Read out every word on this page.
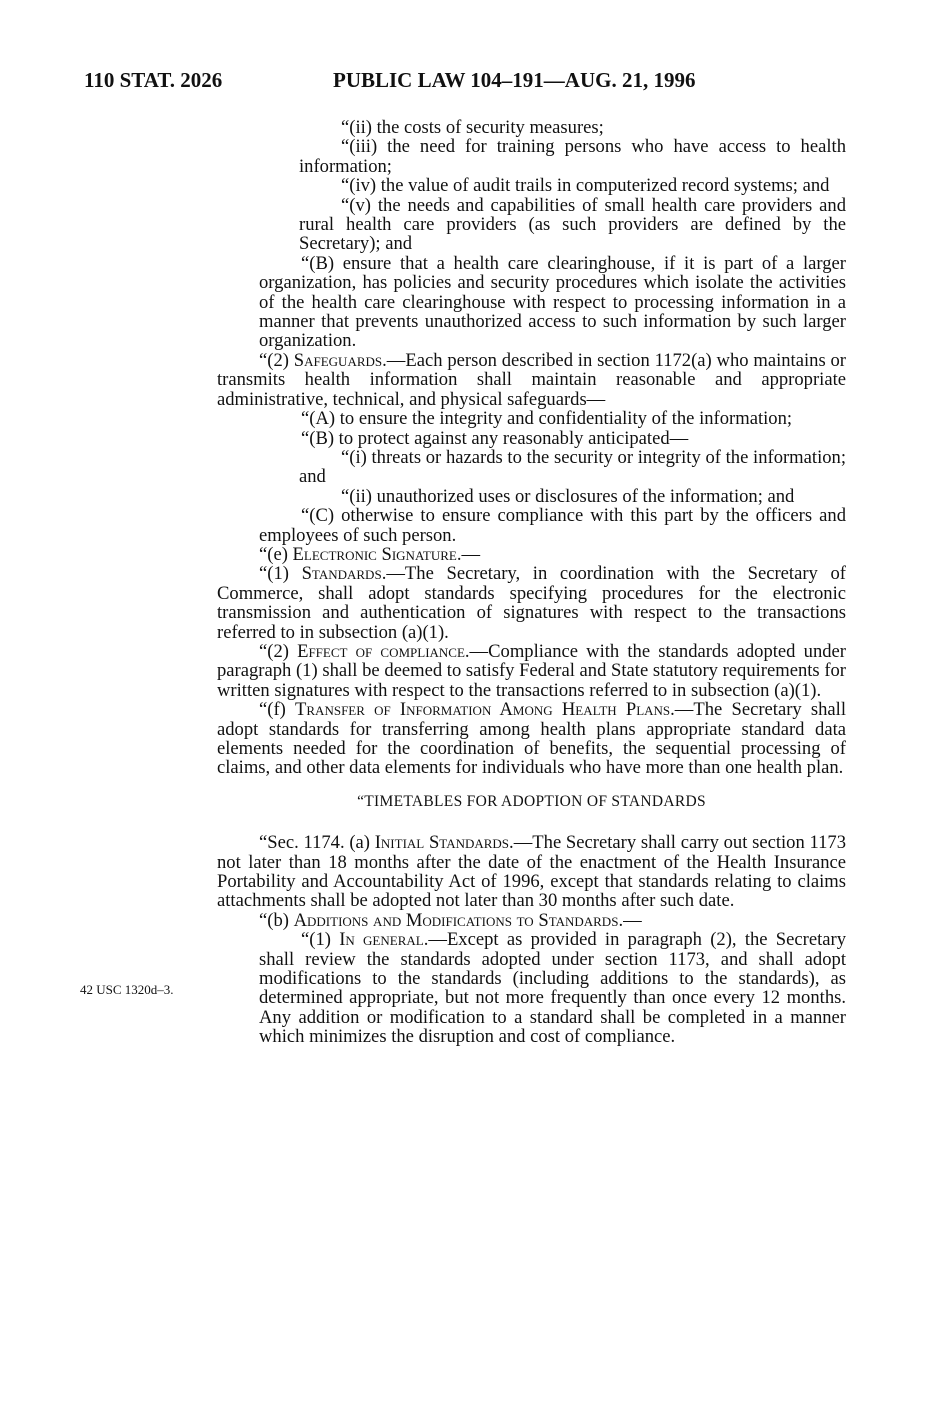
110 STAT. 2026	PUBLIC LAW 104–191—AUG. 21, 1996
42 USC 1320d–3.

“(ii) the costs of security measures;

“(iii) the need for training persons who have access to health information;

“(iv) the value of audit trails in computerized record systems; and

“(v) the needs and capabilities of small health care providers and rural health care providers (as such providers are defined by the Secretary); and

“(B) ensure that a health care clearinghouse, if it is part of a larger organization, has policies and security procedures which isolate the activities of the health care clearinghouse with respect to processing information in a manner that prevents unauthorized access to such information by such larger organization.

“(2) Safeguards.—Each person described in section 1172(a) who maintains or transmits health information shall maintain reasonable and appropriate administrative, technical, and physical safeguards—

“(A) to ensure the integrity and confidentiality of the information;

“(B) to protect against any reasonably anticipated—

“(i) threats or hazards to the security or integrity of the information; and

“(ii) unauthorized uses or disclosures of the information; and

“(C) otherwise to ensure compliance with this part by the officers and employees of such person.

“(e) Electronic Signature.—

“(1) Standards.—The Secretary, in coordination with the Secretary of Commerce, shall adopt standards specifying procedures for the electronic transmission and authentication of signatures with respect to the transactions referred to in subsection (a)(1).

“(2) Effect of compliance.—Compliance with the standards adopted under paragraph (1) shall be deemed to satisfy Federal and State statutory requirements for written signatures with respect to the transactions referred to in subsection (a)(1).

“(f) Transfer of Information Among Health Plans.—The Secretary shall adopt standards for transferring among health plans appropriate standard data elements needed for the coordination of benefits, the sequential processing of claims, and other data elements for individuals who have more than one health plan.

“TIMETABLES FOR ADOPTION OF STANDARDS

“Sec. 1174. (a) Initial Standards.—The Secretary shall carry out section 1173 not later than 18 months after the date of the enactment of the Health Insurance Portability and Accountability Act of 1996, except that standards relating to claims attachments shall be adopted not later than 30 months after such date.

“(b) Additions and Modifications to Standards.—

“(1) In general.—Except as provided in paragraph (2), the Secretary shall review the standards adopted under section 1173, and shall adopt modifications to the standards (including additions to the standards), as determined appropriate, but not more frequently than once every 12 months. Any addition or modification to a standard shall be completed in a manner which minimizes the disruption and cost of compliance.
